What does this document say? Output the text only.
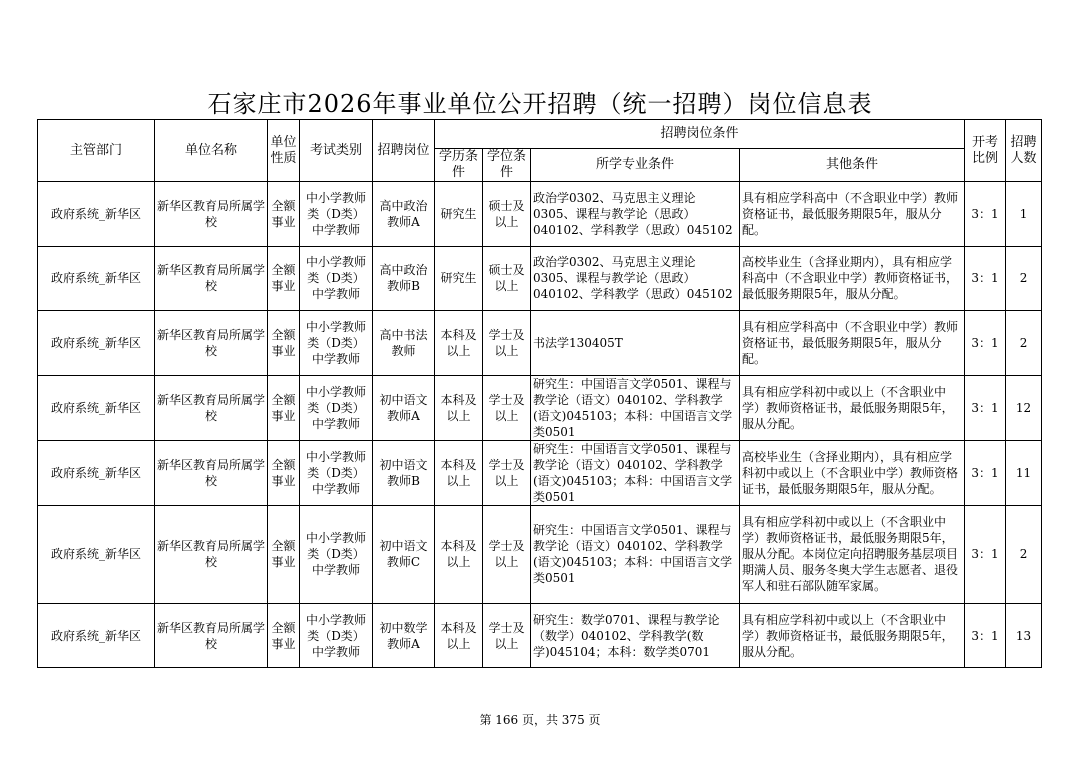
石家庄市2026年事业单位公开招聘（统一招聘）岗位信息表
主管部门	单位名称	单位性质	考试类别	招聘岗位	招聘岗位条件				开考比例	招聘人数
					学历条件	学位条件	所学专业条件	其他条件		
政府系统_新华区	新华区教育局所属学校	全额事业	中小学教师类（D类）中学教师	高中政治教师A	研究生	硕士及以上	政治学0302、马克思主义理论0305、课程与教学论（思政）040102、学科教学（思政）045102	具有相应学科高中（不含职业中学）教师资格证书，最低服务期限5年，服从分配。	3：1	1
政府系统_新华区	新华区教育局所属学校	全额事业	中小学教师类（D类）中学教师	高中政治教师B	研究生	硕士及以上	政治学0302、马克思主义理论0305、课程与教学论（思政）040102、学科教学（思政）045102	高校毕业生（含择业期内），具有相应学科高中（不含职业中学）教师资格证书，最低服务期限5年，服从分配。	3：1	2
政府系统_新华区	新华区教育局所属学校	全额事业	中小学教师类（D类）中学教师	高中书法教师	本科及以上	学士及以上	书法学130405T	具有相应学科高中（不含职业中学）教师资格证书，最低服务期限5年，服从分配。	3：1	2
政府系统_新华区	新华区教育局所属学校	全额事业	中小学教师类（D类）中学教师	初中语文教师A	本科及以上	学士及以上	研究生：中国语言文学0501、课程与教学论（语文）040102、学科教学(语文)045103；本科：中国语言文学类0501	具有相应学科初中或以上（不含职业中学）教师资格证书，最低服务期限5年，服从分配。	3：1	12
政府系统_新华区	新华区教育局所属学校	全额事业	中小学教师类（D类）中学教师	初中语文教师B	本科及以上	学士及以上	研究生：中国语言文学0501、课程与教学论（语文）040102、学科教学(语文)045103；本科：中国语言文学类0501	高校毕业生（含择业期内），具有相应学科初中或以上（不含职业中学）教师资格证书，最低服务期限5年，服从分配。	3：1	11
政府系统_新华区	新华区教育局所属学校	全额事业	中小学教师类（D类）中学教师	初中语文教师C	本科及以上	学士及以上	研究生：中国语言文学0501、课程与教学论（语文）040102、学科教学(语文)045103；本科：中国语言文学类0501	具有相应学科初中或以上（不含职业中学）教师资格证书，最低服务期限5年，服从分配。本岗位定向招聘服务基层项目期满人员、服务冬奥大学生志愿者、退役军人和驻石部队随军家属。	3：1	2
政府系统_新华区	新华区教育局所属学校	全额事业	中小学教师类（D类）中学教师	初中数学教师A	本科及以上	学士及以上	研究生：数学0701、课程与教学论（数学）040102、学科教学(数学)045104；本科：数学类0701	具有相应学科初中或以上（不含职业中学）教师资格证书，最低服务期限5年，服从分配。	3：1	13
第 166 页，共 375 页
